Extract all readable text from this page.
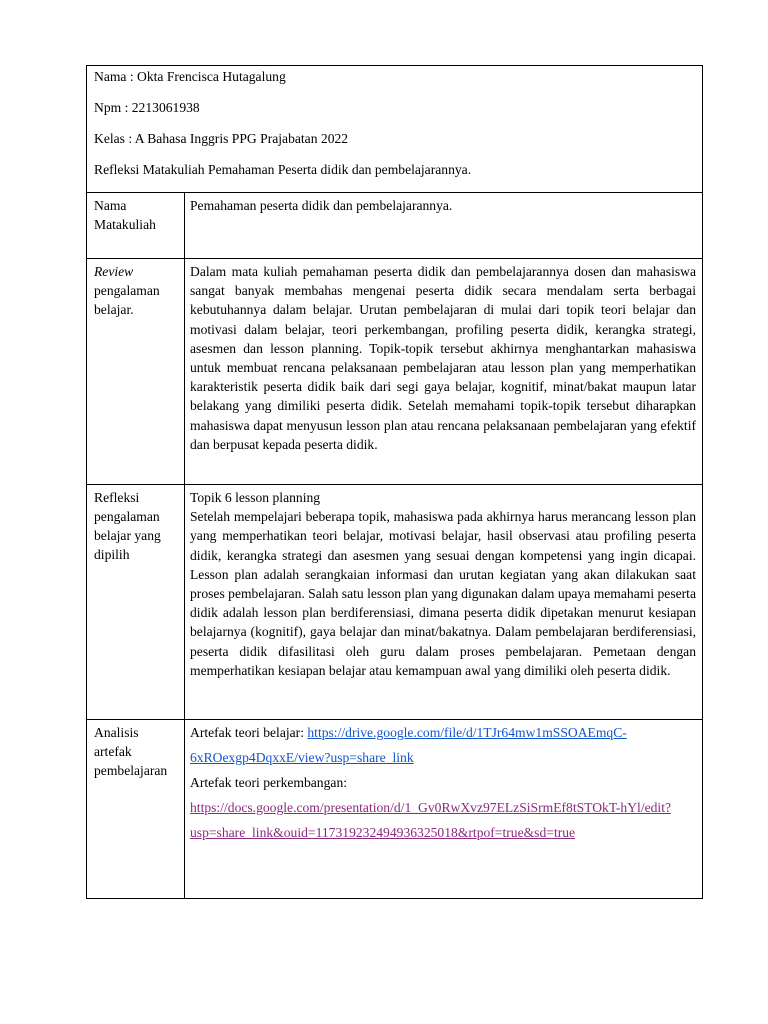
Nama : Okta Frencisca Hutagalung

Npm : 2213061938

Kelas : A Bahasa Inggris PPG Prajabatan 2022

Refleksi Matakuliah Pemahaman Peserta didik dan pembelajarannya.	

Nama Matakuliah	Pemahaman peserta didik dan pembelajarannya.
Review pengalaman belajar.	Dalam mata kuliah pemahaman peserta didik dan pembelajarannya dosen dan mahasiswa sangat banyak membahas mengenai peserta didik secara mendalam serta berbagai kebutuhannya dalam belajar. Urutan pembelajaran di mulai dari topik teori belajar dan motivasi dalam belajar, teori perkembangan, profiling peserta didik, kerangka strategi, asesmen dan lesson planning. Topik-topik tersebut akhirnya menghantarkan mahasiswa untuk membuat rencana pelaksanaan pembelajaran atau lesson plan yang memperhatikan karakteristik peserta didik baik dari segi gaya belajar, kognitif, minat/bakat maupun latar belakang yang dimiliki peserta didik. Setelah memahami topik-topik tersebut diharapkan mahasiswa dapat menyusun lesson plan atau rencana pelaksanaan pembelajaran yang efektif dan berpusat kepada peserta didik.
Refleksi pengalaman belajar yang dipilih	Topik 6 lesson planning
Setelah mempelajari beberapa topik, mahasiswa pada akhirnya harus merancang lesson plan yang memperhatikan teori belajar, motivasi belajar, hasil observasi atau profiling peserta didik, kerangka strategi dan asesmen yang sesuai dengan kompetensi yang ingin dicapai. Lesson plan adalah serangkaian informasi dan urutan kegiatan yang akan dilakukan saat proses pembelajaran. Salah satu lesson plan yang digunakan dalam upaya memahami peserta didik adalah lesson plan berdiferensiasi, dimana peserta didik dipetakan menurut kesiapan belajarnya (kognitif), gaya belajar dan minat/bakatnya. Dalam pembelajaran berdiferensiasi, peserta didik difasilitasi oleh guru dalam proses pembelajaran. Pemetaan dengan memperhatikan kesiapan belajar atau kemampuan awal yang dimiliki oleh peserta didik.

Analisis artefak pembelajaran	Artefak teori belajar: https://drive.google.com/file/d/1TJr64mw1mSSOAEmqC-6xROexgp4DqxxE/view?usp=share_link
Artefak teori perkembangan:
https://docs.google.com/presentation/d/1_Gv0RwXvz97ELzSiSrmEf8tSTOkT-hYl/edit?usp=share_link&ouid=117319232494936325018&rtpof=true&sd=true
